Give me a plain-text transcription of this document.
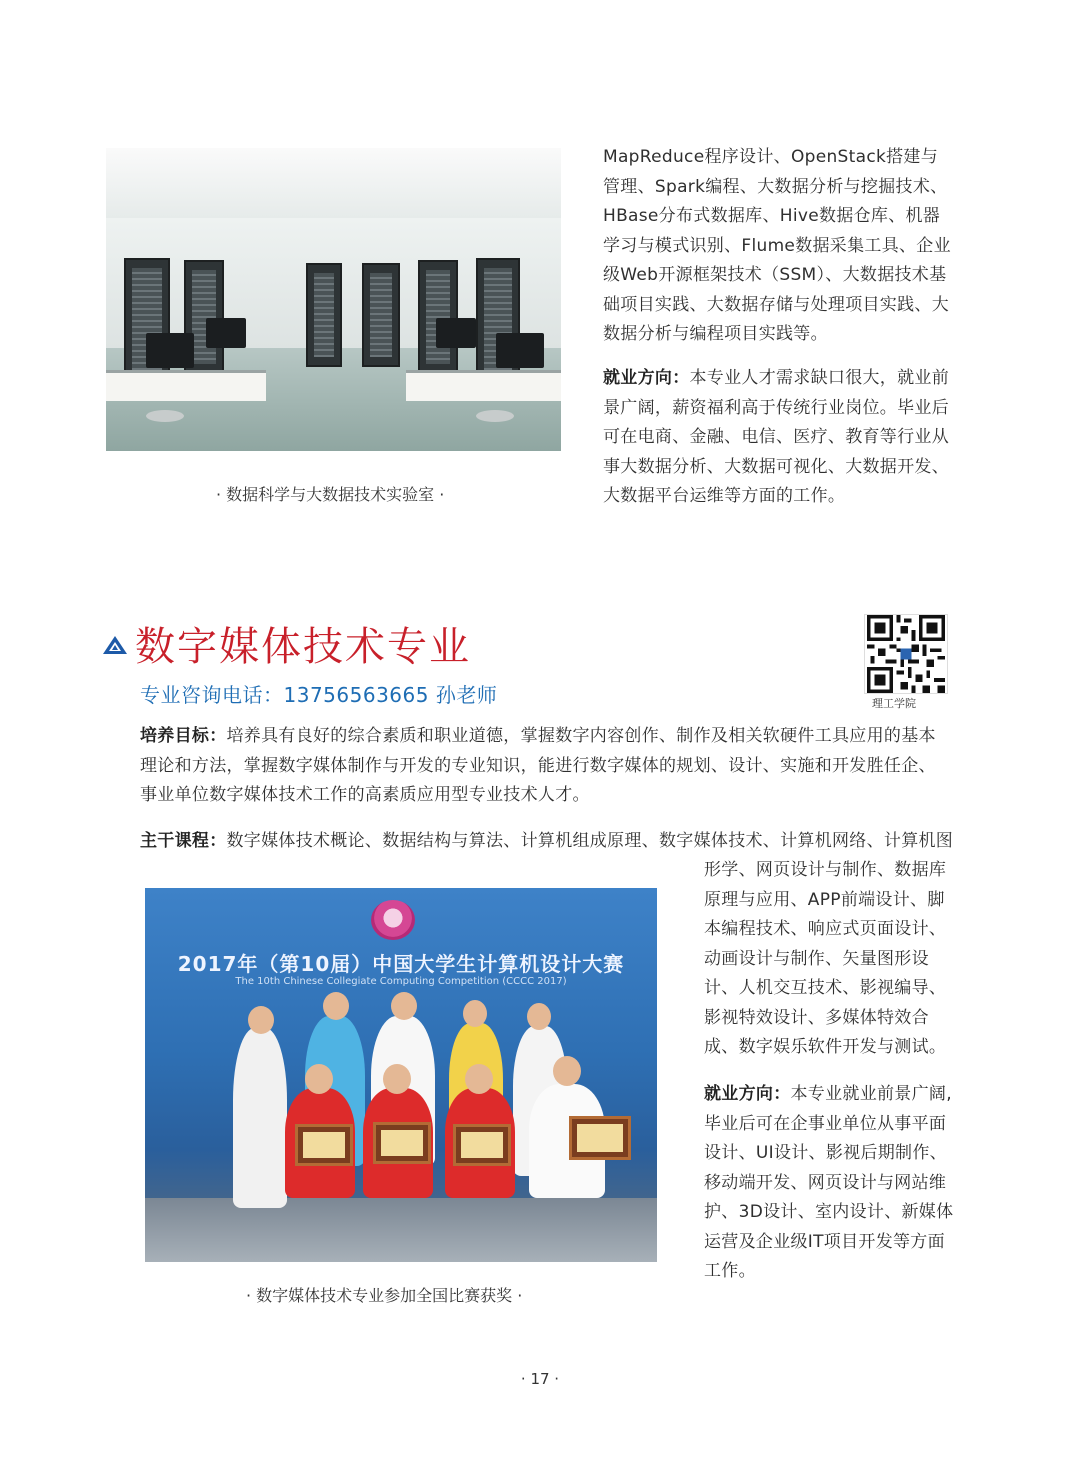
· 数据科学与大数据技术实验室 ·
MapReduce程序设计、OpenStack搭建与管理、Spark编程、大数据分析与挖掘技术、HBase分布式数据库、Hive数据仓库、机器学习与模式识别、Flume数据采集工具、企业级Web开源框架技术（SSM）、大数据技术基础项目实践、大数据存储与处理项目实践、大数据分析与编程项目实践等。
就业方向：本专业人才需求缺口很大，就业前景广阔，薪资福利高于传统行业岗位。毕业后可在电商、金融、电信、医疗、教育等行业从事大数据分析、大数据可视化、大数据开发、大数据平台运维等方面的工作。
数字媒体技术专业
专业咨询电话：13756563665 孙老师	理工学院
培养目标：培养具有良好的综合素质和职业道德，掌握数字内容创作、制作及相关软硬件工具应用的基本理论和方法，掌握数字媒体制作与开发的专业知识，能进行数字媒体的规划、设计、实施和开发胜任企、事业单位数字媒体技术工作的高素质应用型专业技术人才。
主干课程：数字媒体技术概论、数据结构与算法、计算机组成原理、数字媒体技术、计算机网络、计算机图
形学、网页设计与制作、数据库原理与应用、APP前端设计、脚本编程技术、响应式页面设计、动画设计与制作、矢量图形设计、人机交互技术、影视编导、影视特效设计、多媒体特效合成、数字娱乐软件开发与测试。
就业方向：本专业就业前景广阔,毕业后可在企事业单位从事平面设计、UI设计、影视后期制作、移动端开发、网页设计与网站维护、3D设计、室内设计、新媒体运营及企业级IT项目开发等方面工作。
2017年（第10届）中国大学生计算机设计大赛
The 10th Chinese Collegiate Computing Competition (CCCC 2017)
· 数字媒体技术专业参加全国比赛获奖 ·
· 17 ·
